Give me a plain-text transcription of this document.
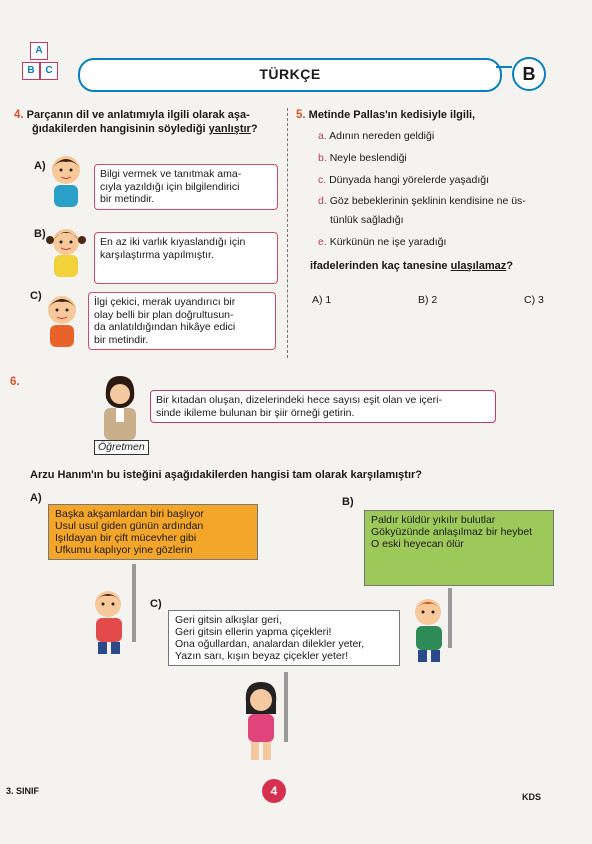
A
B	C	TÜRKÇE	B
4. Parçanın dil ve anlatımıyla ilgili olarak aşa-
ğıdakilerden hangisinin söylediği yanlıştır?
A)
Bilgi vermek ve tanıtmak ama-
cıyla yazıldığı için bilgilendirici
bir metindir.
B)
En az iki varlık kıyaslandığı için
karşılaştırma yapılmıştır.
C)	İlgi çekici, merak uyandırıcı bir
olay belli bir plan doğrultusun-
da anlatıldığından hikâye edici
bir metindir.
5. Metinde Pallas'ın kedisiyle ilgili,
a. Adının nereden geldiği
b. Neyle beslendiği
c. Dünyada hangi yörelerde yaşadığı
d. Göz bebeklerinin şeklinin kendisine ne üs-
tünlük sağladığı
e. Kürkünün ne işe yaradığı
ifadelerinden kaç tanesine ulaşılamaz?
A) 1	B) 2	C) 3
6.
Bir kıtadan oluşan, dizelerindeki hece sayısı eşit olan ve içeri-
sinde ikileme bulunan bir şiir örneği getirin.
Öğretmen
Arzu Hanım'ın bu isteğini aşağıdakilerden hangisi tam olarak karşılamıştır?
A)
Başka akşamlardan biri başlıyor
Usul usul giden günün ardından
Işıldayan bir çift mücevher gibi
Ufkumu kaplıyor yine gözlerin
B)
Paldır küldür yıkılır bulutlar
Gökyüzünde anlaşılmaz bir heybet
O eski heyecan ölür
C)
Geri gitsin alkışlar geri,
Geri gitsin ellerin yapma çiçekleri!
Ona oğullardan, analardan dilekler yeter,
Yazın sarı, kışın beyaz çiçekler yeter!
3. SINIF	4	KDS
